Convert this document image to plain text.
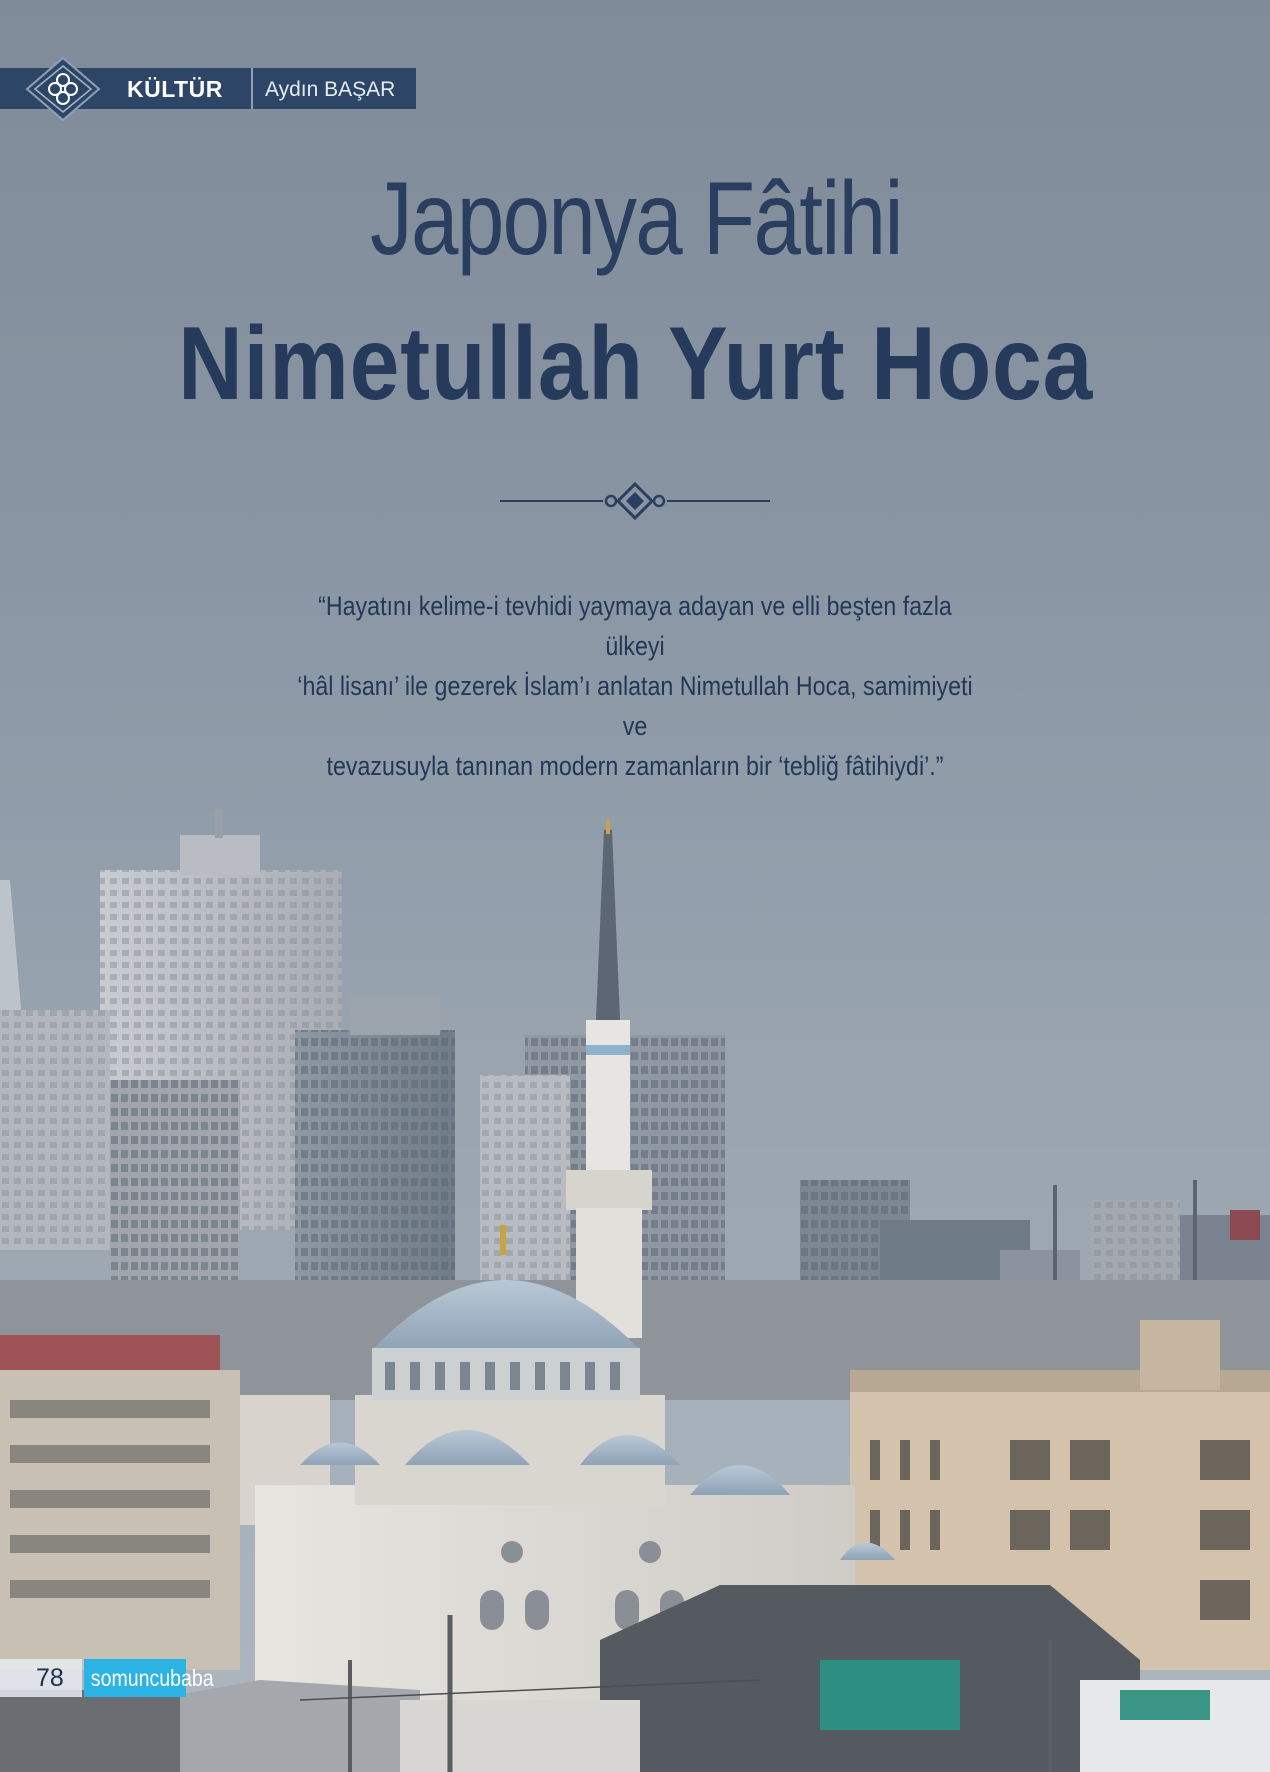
KÜLTÜR Aydın BAŞAR
Japonya Fâtihi
Nimetullah Yurt Hoca
“Hayatını kelime-i tevhidi yaymaya adayan ve elli beşten fazla ülkeyi
‘hâl lisanı’ ile gezerek İslam’ı anlatan Nimetullah Hoca, samimiyeti ve
tevazusuyla tanınan modern zamanların bir ‘tebliğ fâtihiydi’.”
78 somuncubaba
